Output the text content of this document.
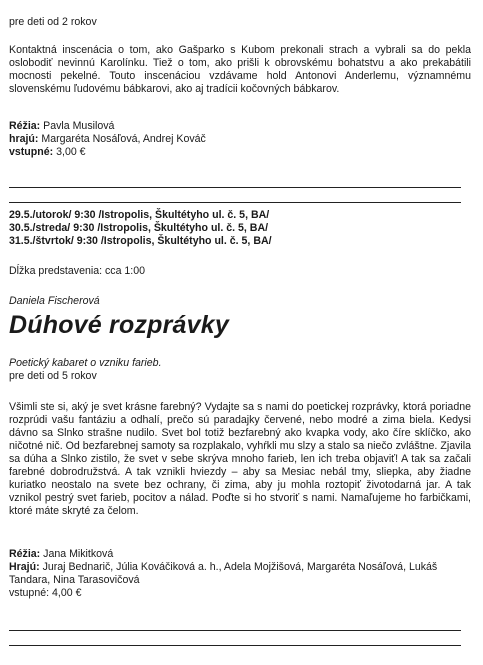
pre deti od 2 rokov

Kontaktná inscenácia o tom, ako Gašparko s Kubom prekonali strach a vybrali sa do pekla oslobodiť nevinnú Karolínku. Tiež o tom, ako prišli k obrovskému bohatstvu a ako prekabátili mocnosti pekelné. Touto inscenáciou vzdávame hold Antonovi Anderlemu, významnému slovenskému ľudovému bábkarovi, ako aj tradícii kočovných bábkarov.

Réžia: Pavla Musilová
hrajú: Margaréta Nosáľová, Andrej Kováč
vstupné: 3,00 €
29.5./utorok/ 9:30 /Istropolis, Škultétyho ul. č. 5, BA/
30.5./streda/ 9:30 /Istropolis, Škultétyho ul. č. 5, BA/
31.5./štvrtok/ 9:30 /Istropolis, Škultétyho ul. č. 5, BA/

Dĺžka predstavenia: cca 1:00

Daniela Fischerová

Dúhové rozprávky

Poetický kabaret o vzniku farieb.

pre deti od 5 rokov

Všimli ste si, aký je svet krásne farebný? Vydajte sa s nami do poetickej rozprávky, ktorá poriadne rozprúdi vašu fantáziu a odhalí, prečo sú paradajky červené, nebo modré a zima biela. Kedysi dávno sa Slnko strašne nudilo. Svet bol totiž bezfarebný ako kvapka vody, ako číre sklíčko, ako ničotné nič. Od bezfarebnej samoty sa rozplakalo, vyhŕkli mu slzy a stalo sa niečo zvláštne. Zjavila sa dúha a Slnko zistilo, že svet v sebe skrýva mnoho farieb, len ich treba objaviť! A tak sa začali farebné dobrodružstvá. A tak vznikli hviezdy – aby sa Mesiac nebál tmy, sliepka, aby žiadne kuriatko neostalo na svete bez ochrany, či zima, aby ju mohla roztopiť životodarná jar. A tak vznikol pestrý svet farieb, pocitov a nálad. Poďte si ho stvoriť s nami. Namaľujeme ho farbičkami, ktoré máte skryté za čelom.

Réžia: Jana Mikitková
Hrajú: Juraj Bednarič, Júlia Kováčiková a. h., Adela Mojžišová, Margaréta Nosáľová, Lukáš Tandara, Nina Tarasovičová
vstupné: 4,00 €
